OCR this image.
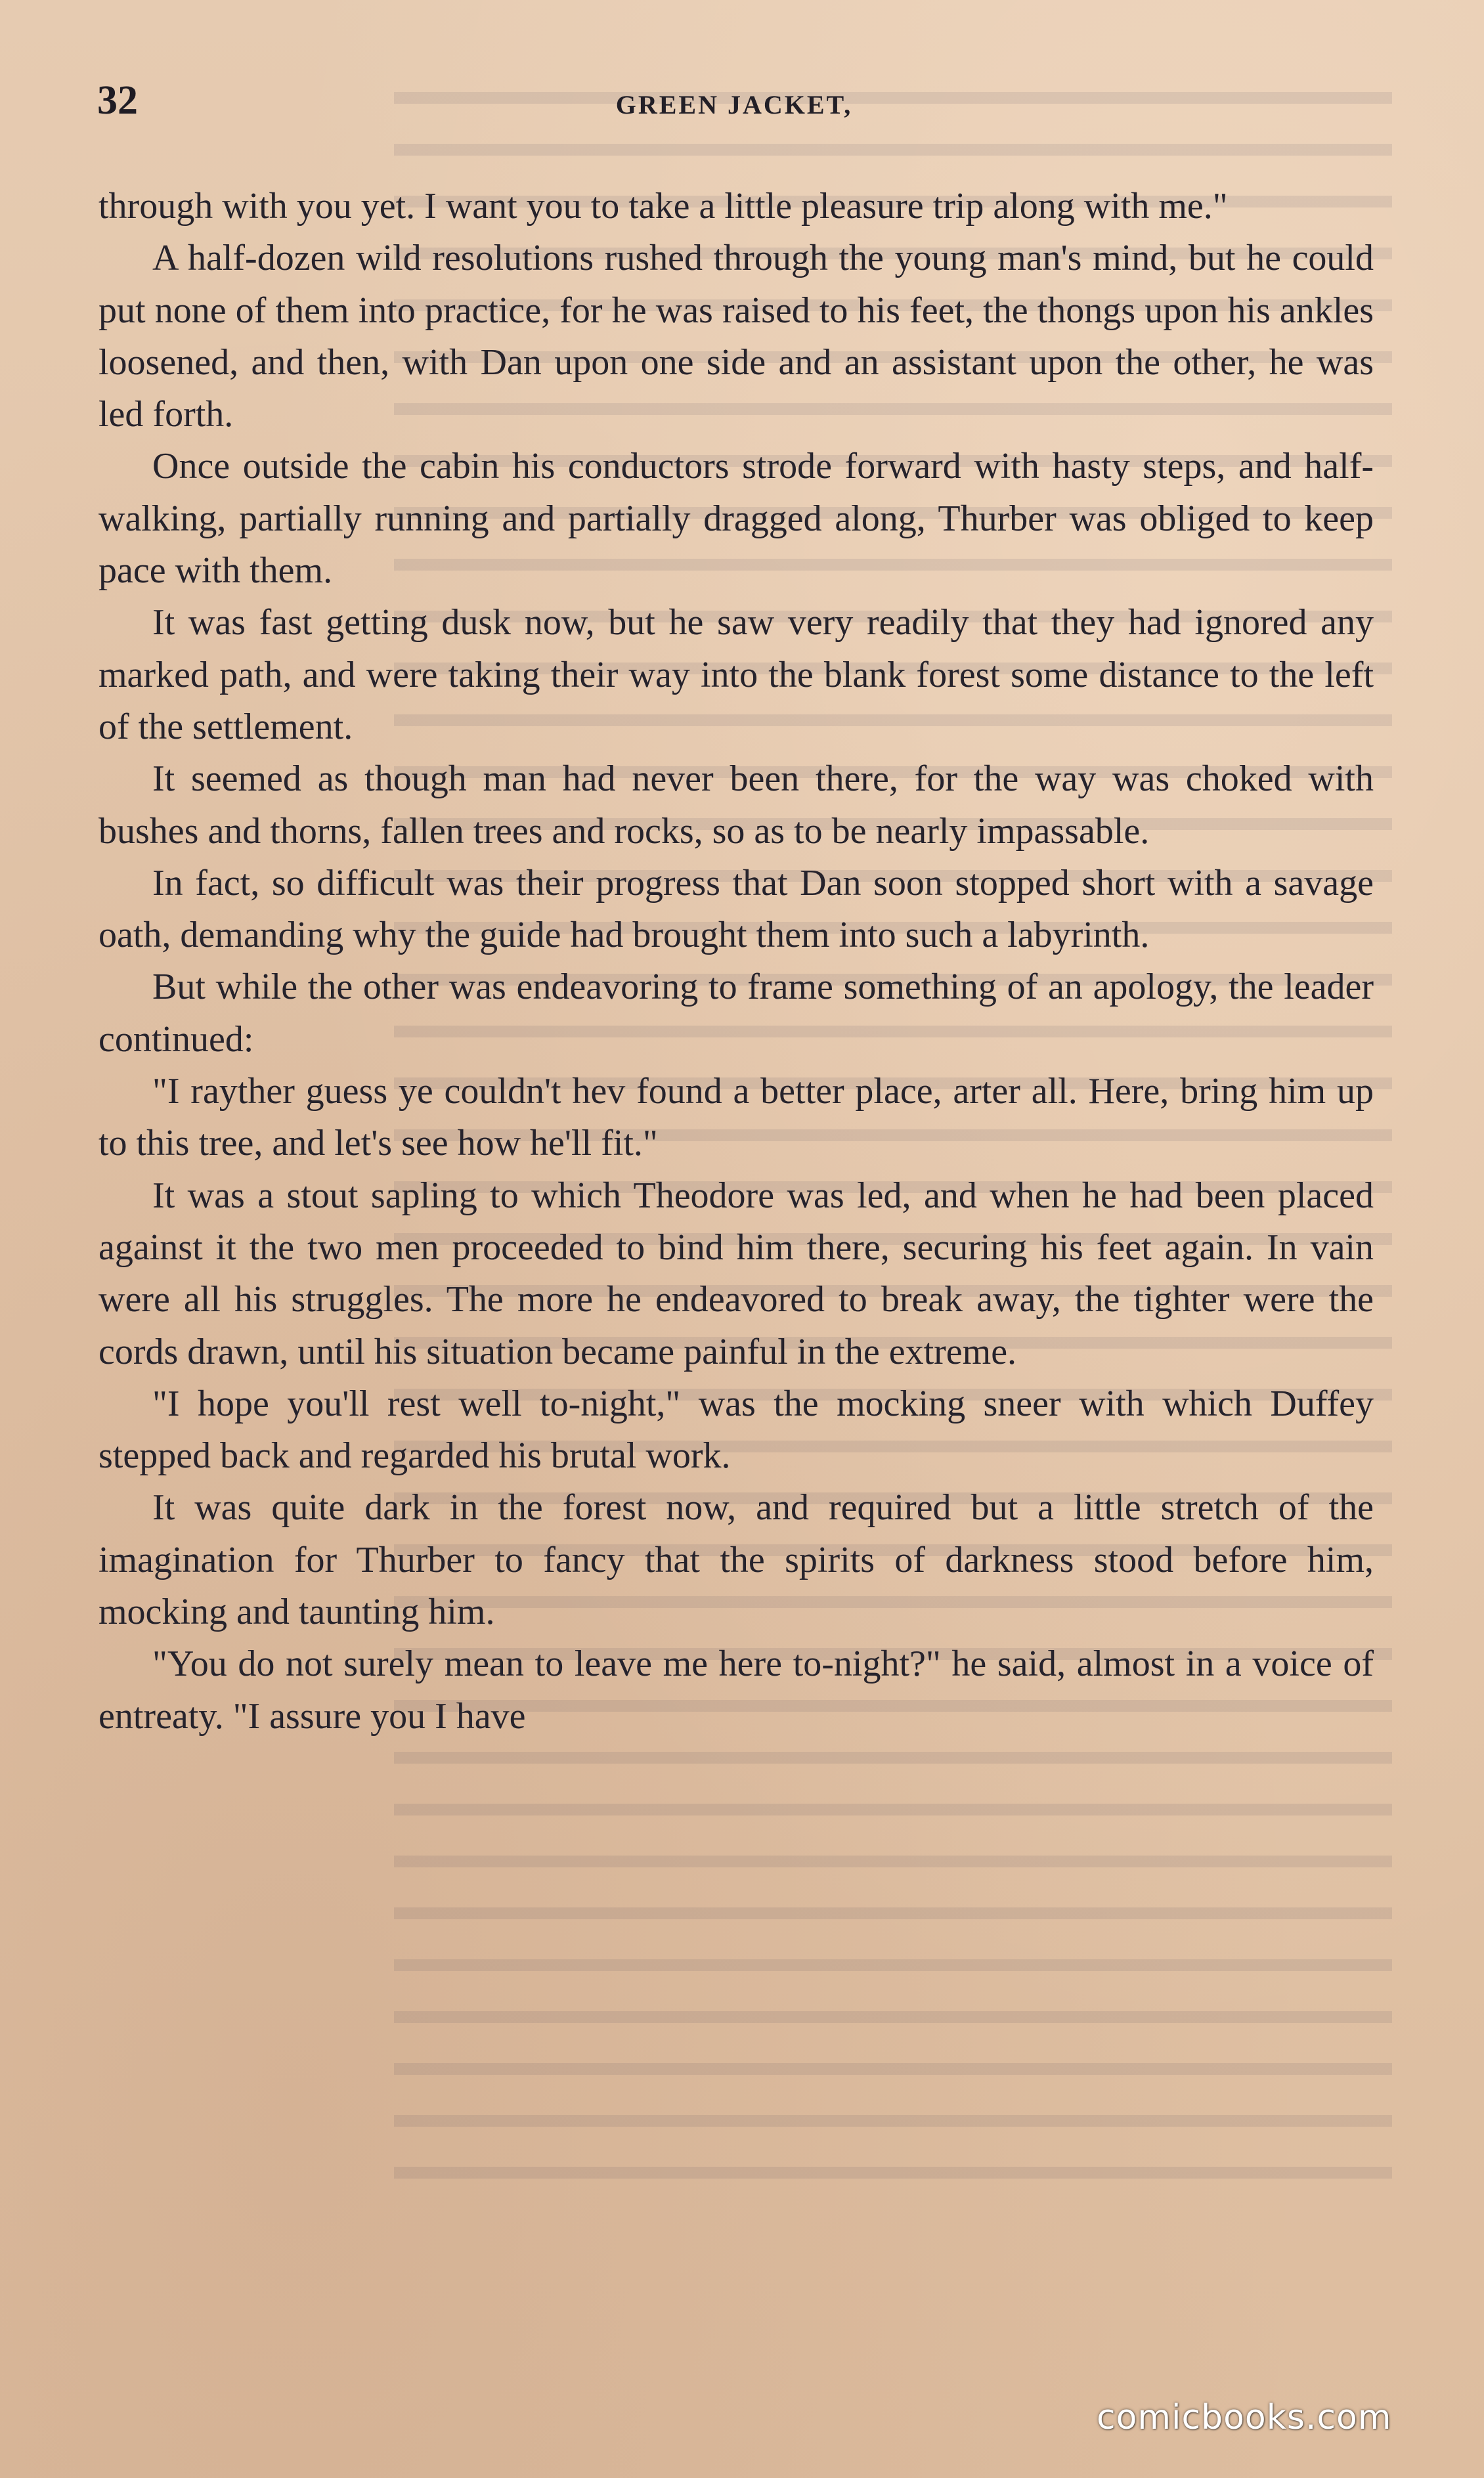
32	GREEN JACKET,

through with you yet. I want you to take a little pleasure trip along with me."

A half-dozen wild resolutions rushed through the young man's mind, but he could put none of them into practice, for he was raised to his feet, the thongs upon his ankles loosened, and then, with Dan upon one side and an assistant upon the other, he was led forth.

Once outside the cabin his conductors strode forward with hasty steps, and half-walking, partially running and partially dragged along, Thurber was obliged to keep pace with them.

It was fast getting dusk now, but he saw very readily that they had ignored any marked path, and were taking their way into the blank forest some distance to the left of the settlement.

It seemed as though man had never been there, for the way was choked with bushes and thorns, fallen trees and rocks, so as to be nearly impassable.

In fact, so difficult was their progress that Dan soon stopped short with a savage oath, demanding why the guide had brought them into such a labyrinth.

But while the other was endeavoring to frame something of an apology, the leader continued:

"I rayther guess ye couldn't hev found a better place, arter all. Here, bring him up to this tree, and let's see how he'll fit."

It was a stout sapling to which Theodore was led, and when he had been placed against it the two men proceeded to bind him there, securing his feet again. In vain were all his struggles. The more he endeavored to break away, the tighter were the cords drawn, until his situation became painful in the extreme.

"I hope you'll rest well to-night," was the mocking sneer with which Duffey stepped back and regarded his brutal work.

It was quite dark in the forest now, and required but a little stretch of the imagination for Thurber to fancy that the spirits of darkness stood before him, mocking and taunting him.

"You do not surely mean to leave me here to-night?" he said, almost in a voice of entreaty. "I assure you I have

comicbooks.com
